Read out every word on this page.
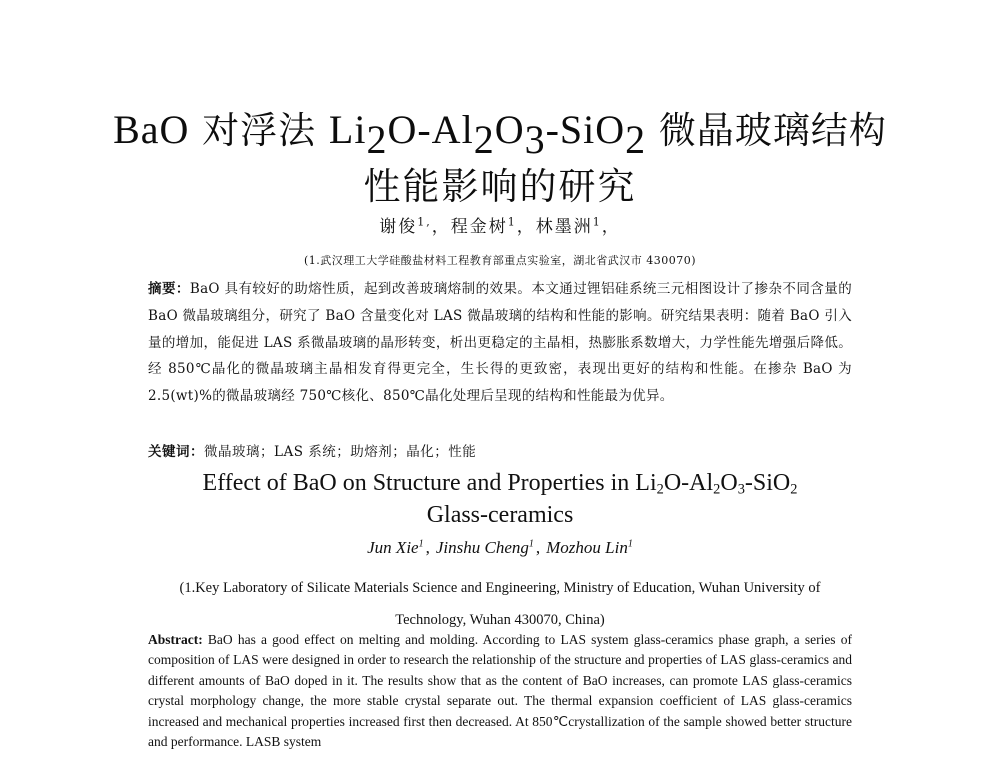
BaO 对浮法 $Li_2O-Al_2O_3-SiO_2$ 微晶玻璃结构
性能影响的研究
谢俊$^{1,}$，程金树$^1$，林墨洲$^1$，
(1.武汉理工大学硅酸盐材料工程教育部重点实验室，湖北省武汉市 430070)
摘要：BaO 具有较好的助熔性质，起到改善玻璃熔制的效果。本文通过锂铝硅系统三元相图设计了掺杂不同含量的 BaO 微晶玻璃组分，研究了 BaO 含量变化对 LAS 微晶玻璃的结构和性能的影响。研究结果表明：随着 BaO 引入量的增加，能促进 LAS 系微晶玻璃的晶形转变，析出更稳定的主晶相，热膨胀系数增大，力学性能先增强后降低。经 850℃晶化的微晶玻璃主晶相发育得更完全，生长得的更致密，表现出更好的结构和性能。在掺杂 BaO 为 2.5(wt)%的微晶玻璃经 750℃核化、850℃晶化处理后呈现的结构和性能最为优异。
关键词：微晶玻璃；LAS 系统；助熔剂；晶化；性能
Effect of BaO on Structure and Properties in $Li_2O-Al_2O_3-SiO_2$
Glass-ceramics
Jun Xie$^1$ , Jinshu Cheng$^1$ , Mozhou Lin$^1$
(1.Key Laboratory of Silicate Materials Science and Engineering, Ministry of Education, Wuhan University of Technology, Wuhan 430070, China)
Abstract: BaO has a good effect on melting and molding. According to LAS system glass-ceramics phase graph, a series of composition of LAS were designed in order to research the relationship of the structure and properties of LAS glass-ceramics and different amounts of BaO doped in it. The results show that as the content of BaO increases, can promote LAS glass-ceramics crystal morphology change, the more stable crystal separate out. The thermal expansion coefficient of LAS glass-ceramics increased and mechanical properties increased first then decreased. At 850℃crystallization of the sample showed better structure and performance. LASB system
